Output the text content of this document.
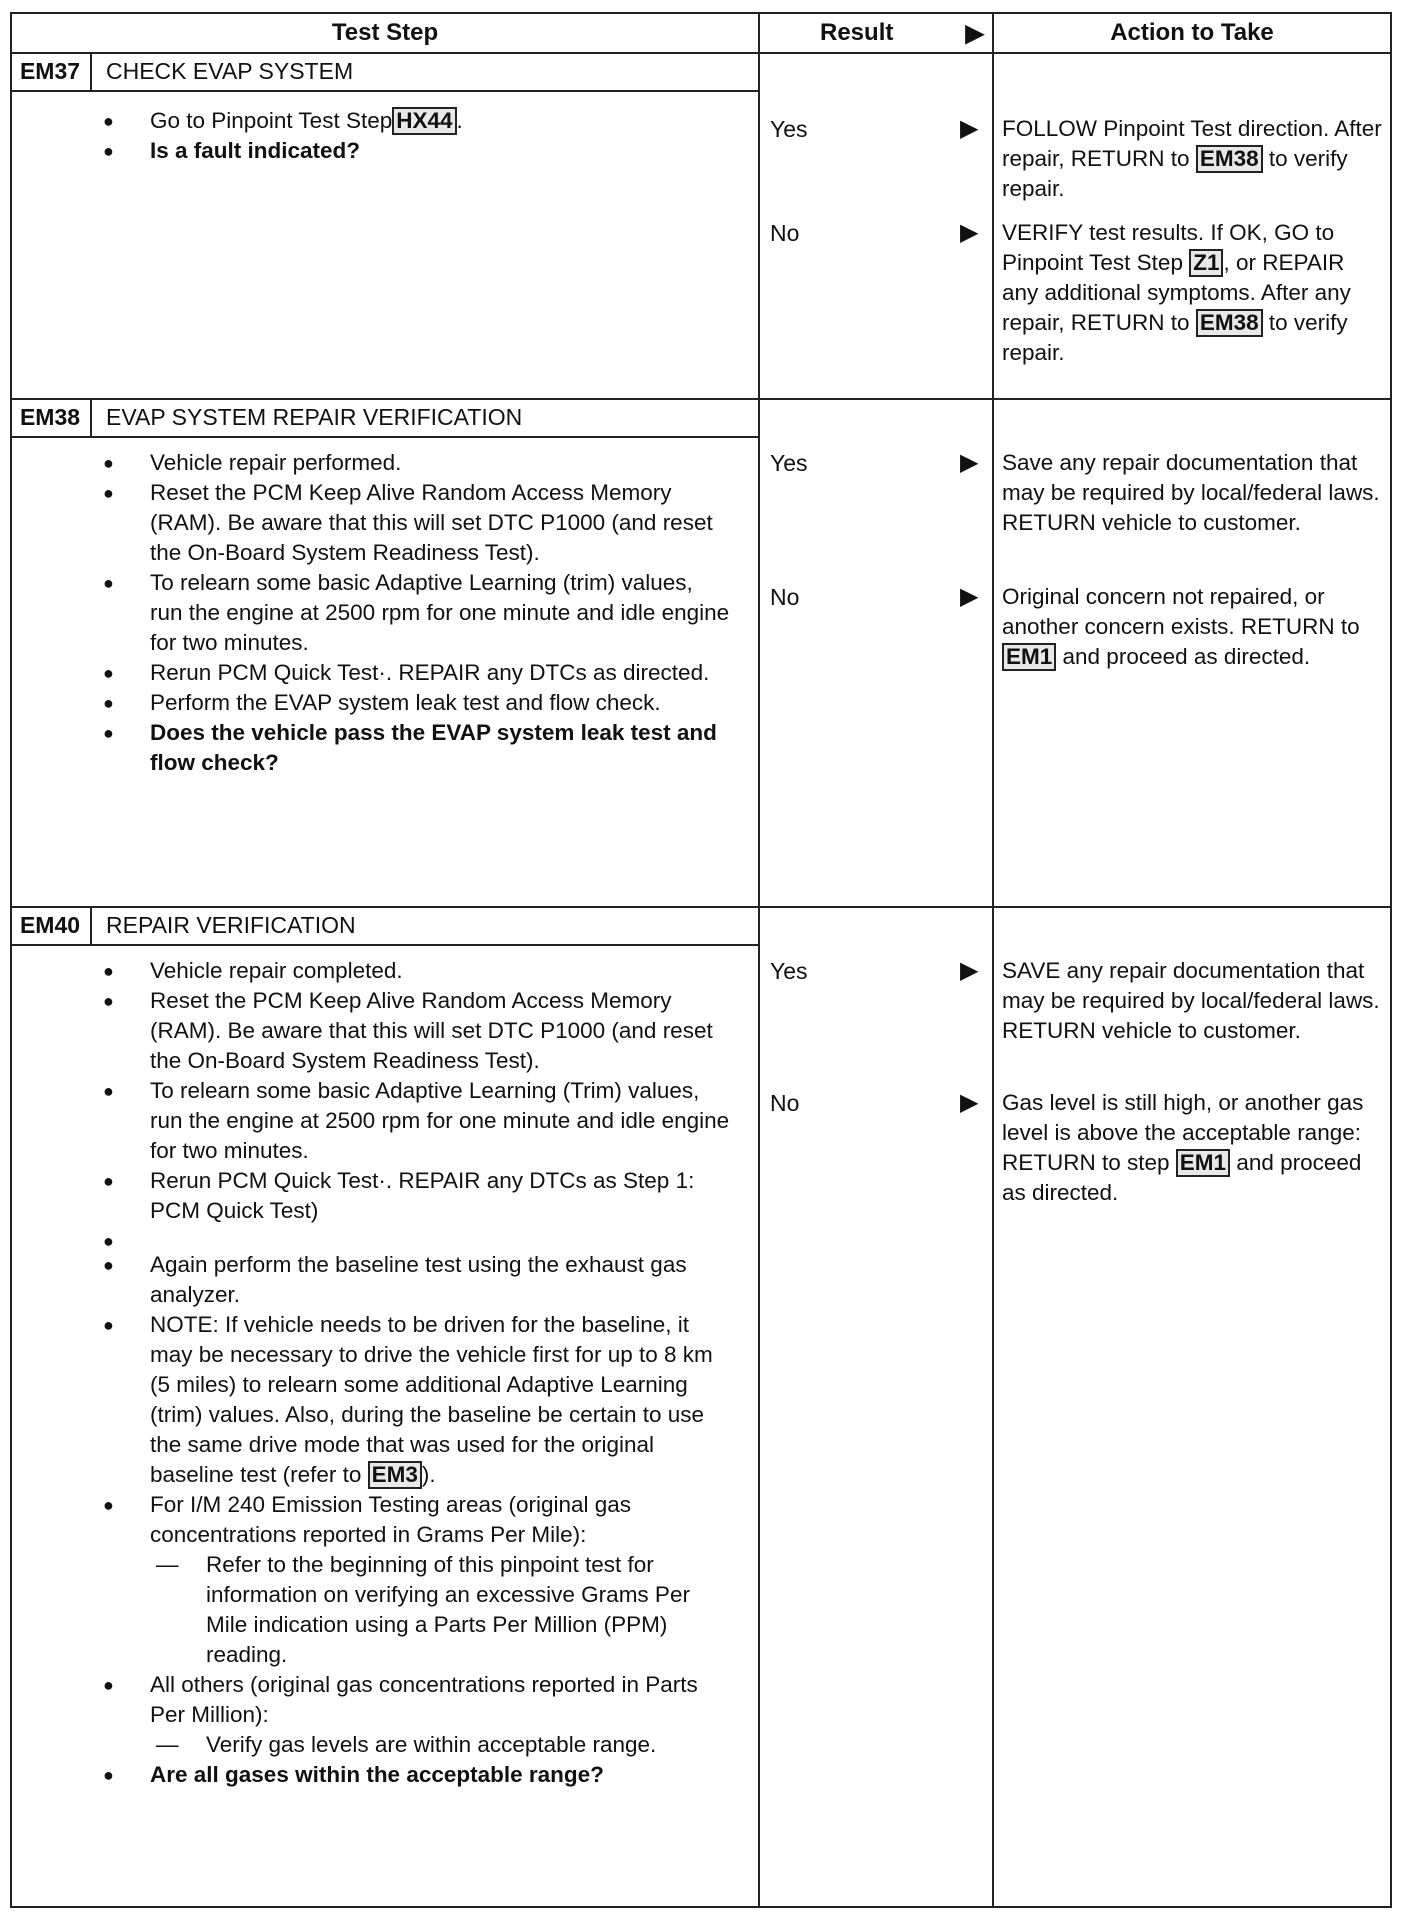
Test Step	Result	▶	Action to Take
EM37	CHECK EVAP SYSTEM
● Go to Pinpoint Test Step HX44 .
● Is a fault indicated?
Yes	▶ FOLLOW Pinpoint Test direction. After repair, RETURN to EM38 to verify repair.
No	▶ VERIFY test results. If OK, GO to Pinpoint Test Step Z1 , or REPAIR any additional symptoms. After any repair, RETURN to EM38 to verify repair.
EM38	EVAP SYSTEM REPAIR VERIFICATION
● Vehicle repair performed.
● Reset the PCM Keep Alive Random Access Memory (RAM). Be aware that this will set DTC P1000 (and reset the On-Board System Readiness Test).
● To relearn some basic Adaptive Learning (trim) values, run the engine at 2500 rpm for one minute and idle engine for two minutes.
● Rerun PCM Quick Test·. REPAIR any DTCs as directed.
● Perform the EVAP system leak test and flow check.
● Does the vehicle pass the EVAP system leak test and flow check?
Yes	▶ Save any repair documentation that may be required by local/federal laws. RETURN vehicle to customer.
No	▶ Original concern not repaired, or another concern exists. RETURN to EM1 and proceed as directed.
EM40	REPAIR VERIFICATION
● Vehicle repair completed.
● Reset the PCM Keep Alive Random Access Memory (RAM). Be aware that this will set DTC P1000 (and reset the On-Board System Readiness Test).
● To relearn some basic Adaptive Learning (Trim) values, run the engine at 2500 rpm for one minute and idle engine for two minutes.
● Rerun PCM Quick Test·. REPAIR any DTCs as Step 1: PCM Quick Test)
●
● Again perform the baseline test using the exhaust gas analyzer.
● NOTE: If vehicle needs to be driven for the baseline, it may be necessary to drive the vehicle first for up to 8 km (5 miles) to relearn some additional Adaptive Learning (trim) values. Also, during the baseline be certain to use the same drive mode that was used for the original baseline test (refer to EM3 ).
● For I/M 240 Emission Testing areas (original gas concentrations reported in Grams Per Mile):
— Refer to the beginning of this pinpoint test for information on verifying an excessive Grams Per Mile indication using a Parts Per Million (PPM) reading.
● All others (original gas concentrations reported in Parts Per Million):
— Verify gas levels are within acceptable range.
● Are all gases within the acceptable range?
Yes	▶ SAVE any repair documentation that may be required by local/federal laws. RETURN vehicle to customer.
No	▶ Gas level is still high, or another gas level is above the acceptable range: RETURN to step EM1 and proceed as directed.
